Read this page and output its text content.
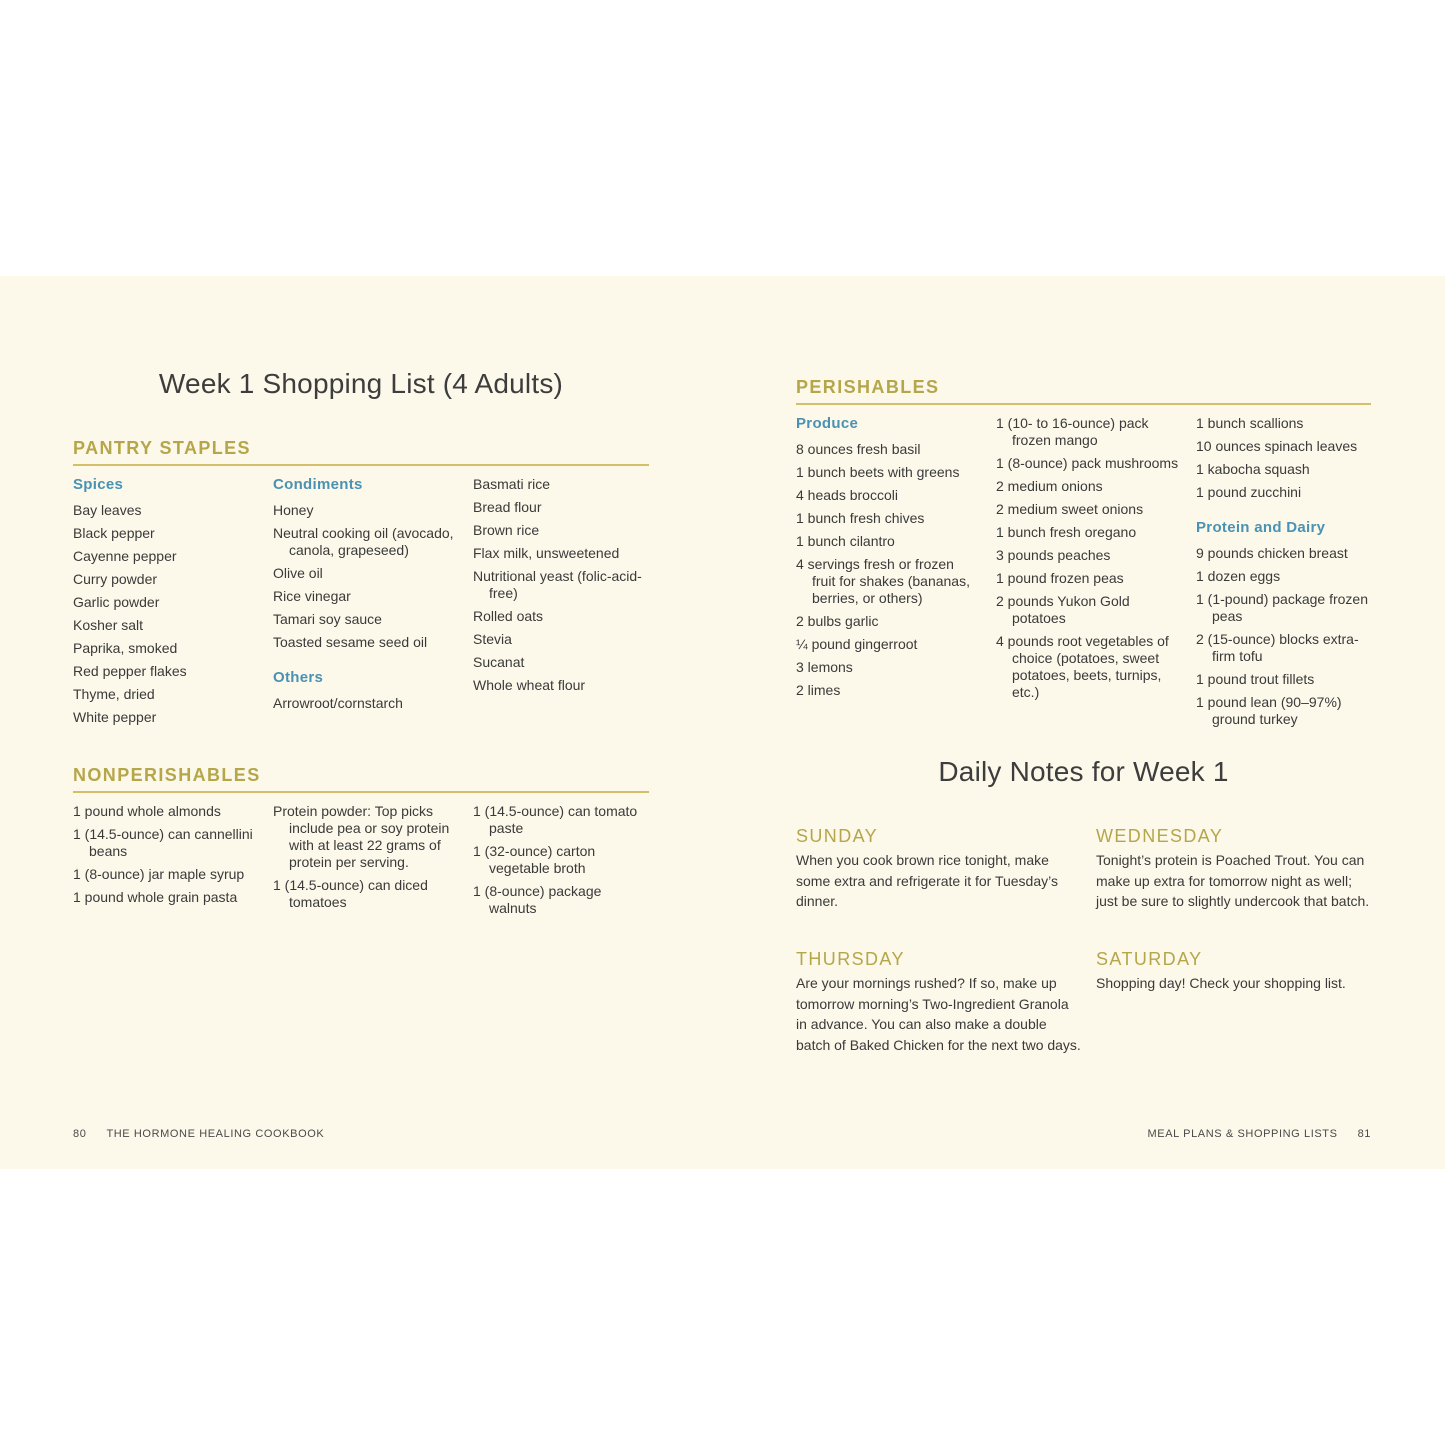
Week 1 Shopping List (4 Adults)
PANTRY STAPLES
Spices
Bay leaves
Black pepper
Cayenne pepper
Curry powder
Garlic powder
Kosher salt
Paprika, smoked
Red pepper flakes
Thyme, dried
White pepper
Condiments
Honey
Neutral cooking oil (avocado, canola, grapeseed)
Olive oil
Rice vinegar
Tamari soy sauce
Toasted sesame seed oil
Others
Arrowroot/cornstarch
Basmati rice
Bread flour
Brown rice
Flax milk, unsweetened
Nutritional yeast (folic-acid-free)
Rolled oats
Stevia
Sucanat
Whole wheat flour
NONPERISHABLES
1 pound whole almonds
1 (14.5-ounce) can cannellini beans
1 (8-ounce) jar maple syrup
1 pound whole grain pasta
Protein powder: Top picks include pea or soy protein with at least 22 grams of protein per serving.
1 (14.5-ounce) can diced tomatoes
1 (14.5-ounce) can tomato paste
1 (32-ounce) carton vegetable broth
1 (8-ounce) package walnuts
80 THE HORMONE HEALING COOKBOOK
PERISHABLES
Produce
8 ounces fresh basil
1 bunch beets with greens
4 heads broccoli
1 bunch fresh chives
1 bunch cilantro
4 servings fresh or frozen fruit for shakes (bananas, berries, or others)
2 bulbs garlic
¼ pound gingerroot
3 lemons
2 limes
1 (10- to 16-ounce) pack frozen mango
1 (8-ounce) pack mushrooms
2 medium onions
2 medium sweet onions
1 bunch fresh oregano
3 pounds peaches
1 pound frozen peas
2 pounds Yukon Gold potatoes
4 pounds root vegetables of choice (potatoes, sweet potatoes, beets, turnips, etc.)
1 bunch scallions
10 ounces spinach leaves
1 kabocha squash
1 pound zucchini
Protein and Dairy
9 pounds chicken breast
1 dozen eggs
1 (1-pound) package frozen peas
2 (15-ounce) blocks extra-firm tofu
1 pound trout fillets
1 pound lean (90–97%) ground turkey
Daily Notes for Week 1
SUNDAY

When you cook brown rice tonight, make some extra and refrigerate it for Tuesday’s dinner.

WEDNESDAY

Tonight’s protein is Poached Trout. You can make up extra for tomorrow night as well; just be sure to slightly undercook that batch.

THURSDAY

Are your mornings rushed? If so, make up tomorrow morning’s Two-Ingredient Granola in advance. You can also make a double batch of Baked Chicken for the next two days.

SATURDAY

Shopping day! Check your shopping list.

MEAL PLANS & SHOPPING LISTS 81
